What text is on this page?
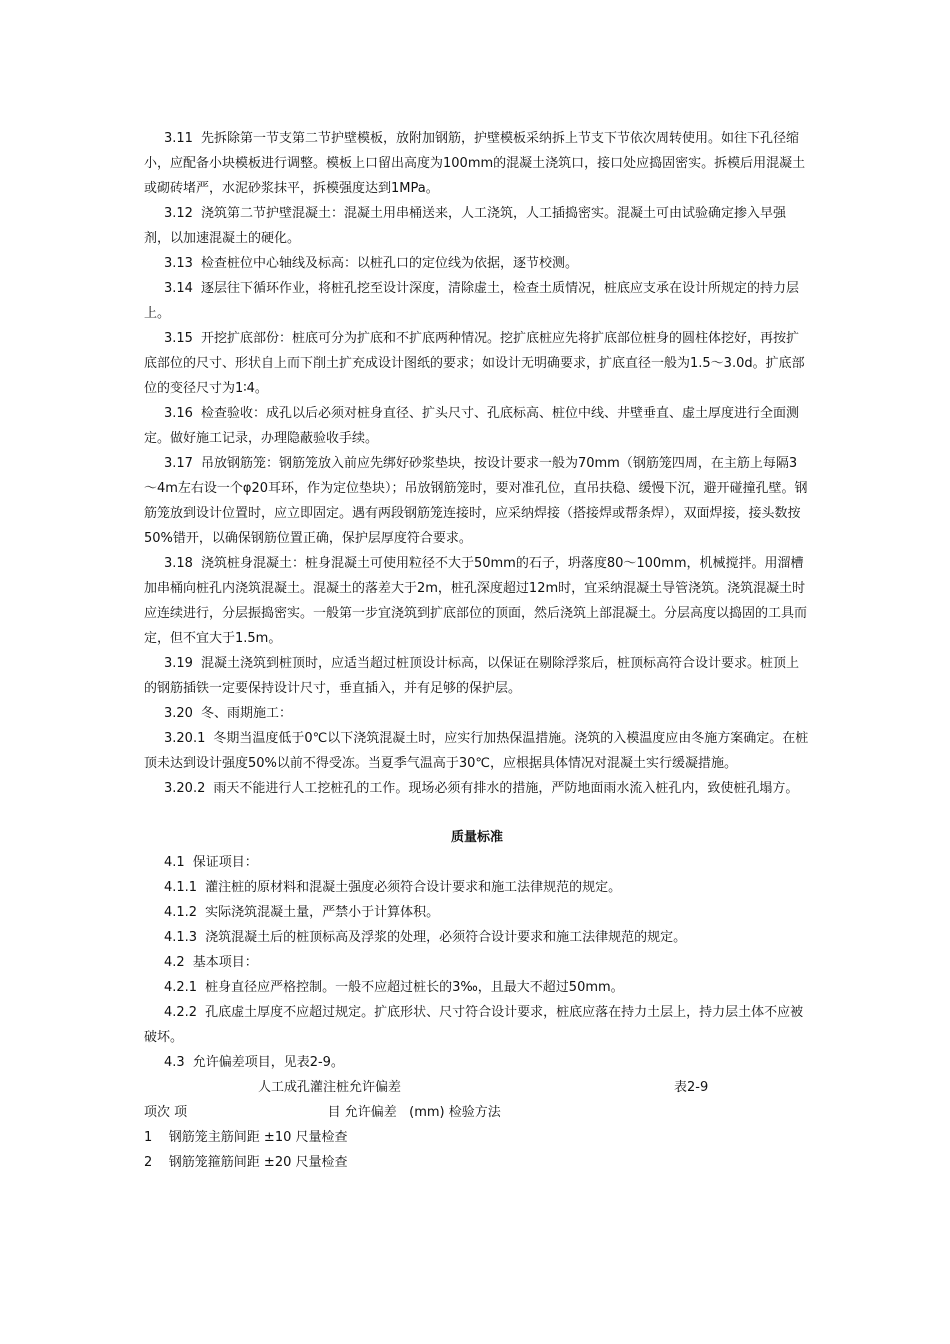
3.11 先拆除第一节支第二节护壁模板，放附加钢筋，护壁模板采纳拆上节支下节依次周转使用。如往下孔径缩小，应配备小块模板进行调整。模板上口留出高度为100mm的混凝土浇筑口，接口处应捣固密实。拆模后用混凝土或砌砖堵严，水泥砂浆抹平，拆模强度达到1MPa。

3.12 浇筑第二节护壁混凝土：混凝土用串桶送来，人工浇筑，人工插捣密实。混凝土可由试验确定掺入早强剂，以加速混凝土的硬化。

3.13 检查桩位中心轴线及标高：以桩孔口的定位线为依据，逐节校测。

3.14 逐层往下循环作业，将桩孔挖至设计深度，清除虚土，检查土质情况，桩底应支承在设计所规定的持力层上。

3.15 开挖扩底部份：桩底可分为扩底和不扩底两种情况。挖扩底桩应先将扩底部位桩身的圆柱体挖好，再按扩底部位的尺寸、形状自上而下削土扩充成设计图纸的要求；如设计无明确要求，扩底直径一般为1.5～3.0d。扩底部位的变径尺寸为1∶4。

3.16 检查验收：成孔以后必须对桩身直径、扩头尺寸、孔底标高、桩位中线、井壁垂直、虚土厚度进行全面测定。做好施工记录，办理隐蔽验收手续。

3.17 吊放钢筋笼：钢筋笼放入前应先绑好砂浆垫块，按设计要求一般为70mm（钢筋笼四周，在主筋上每隔3～4m左右设一个φ20耳环，作为定位垫块）；吊放钢筋笼时，要对准孔位，直吊扶稳、缓慢下沉，避开碰撞孔壁。钢筋笼放到设计位置时，应立即固定。遇有两段钢筋笼连接时，应采纳焊接（搭接焊或帮条焊），双面焊接，接头数按50%错开，以确保钢筋位置正确，保护层厚度符合要求。

3.18 浇筑桩身混凝土：桩身混凝土可使用粒径不大于50mm的石子，坍落度80～100mm，机械搅拌。用溜槽加串桶向桩孔内浇筑混凝土。混凝土的落差大于2m，桩孔深度超过12m时，宜采纳混凝土导管浇筑。浇筑混凝土时应连续进行，分层振捣密实。一般第一步宜浇筑到扩底部位的顶面，然后浇筑上部混凝土。分层高度以捣固的工具而定，但不宜大于1.5m。

3.19 混凝土浇筑到桩顶时，应适当超过桩顶设计标高，以保证在剔除浮浆后，桩顶标高符合设计要求。桩顶上的钢筋插铁一定要保持设计尺寸，垂直插入，并有足够的保护层。

3.20 冬、雨期施工：

3.20.1 冬期当温度低于0℃以下浇筑混凝土时，应实行加热保温措施。浇筑的入模温度应由冬施方案确定。在桩顶未达到设计强度50%以前不得受冻。当夏季气温高于30℃，应根据具体情况对混凝土实行缓凝措施。

3.20.2 雨天不能进行人工挖桩孔的工作。现场必须有排水的措施，严防地面雨水流入桩孔内，致使桩孔塌方。

质量标准

4.1 保证项目：

4.1.1 灌注桩的原材料和混凝土强度必须符合设计要求和施工法律规范的规定。

4.1.2 实际浇筑混凝土量，严禁小于计算体积。

4.1.3 浇筑混凝土后的桩顶标高及浮浆的处理，必须符合设计要求和施工法律规范的规定。

4.2 基本项目：

4.2.1 桩身直径应严格控制。一般不应超过桩长的3‰，且最大不超过50mm。

4.2.2 孔底虚土厚度不应超过规定。扩底形状、尺寸符合设计要求，桩底应落在持力土层上，持力层土体不应被破坏。

4.3 允许偏差项目，见表2-9。

人工成孔灌注桩允许偏差	表2-9
项次 项                                  目 允许偏差   (mm) 检验方法
1    钢筋笼主筋间距 ±10 尺量检查
2    钢筋笼箍筋间距 ±20 尺量检查
